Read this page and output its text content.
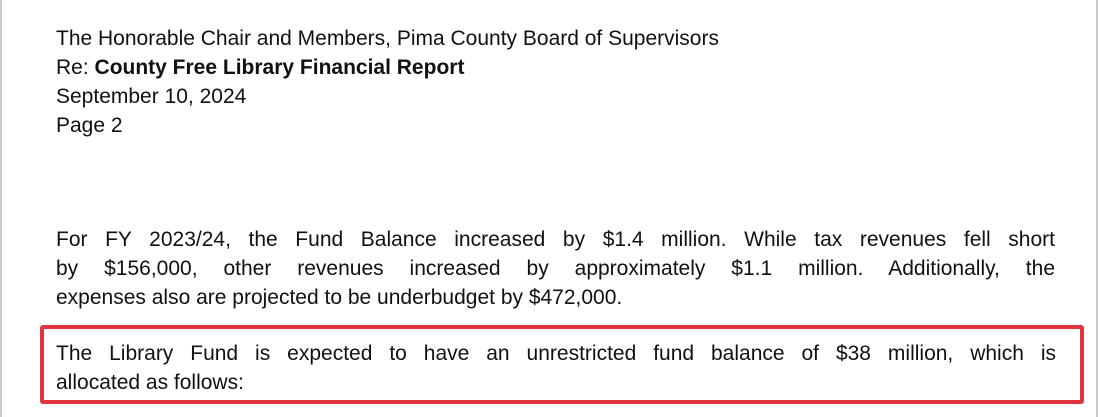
The Honorable Chair and Members, Pima County Board of Supervisors
Re: County Free Library Financial Report
September 10, 2024
Page 2
For FY 2023/24, the Fund Balance increased by $1.4 million. While tax revenues fell short
by $156,000, other revenues increased by approximately $1.1 million. Additionally, the
expenses also are projected to be underbudget by $472,000.
The Library Fund is expected to have an unrestricted fund balance of $38 million, which is
allocated as follows:
